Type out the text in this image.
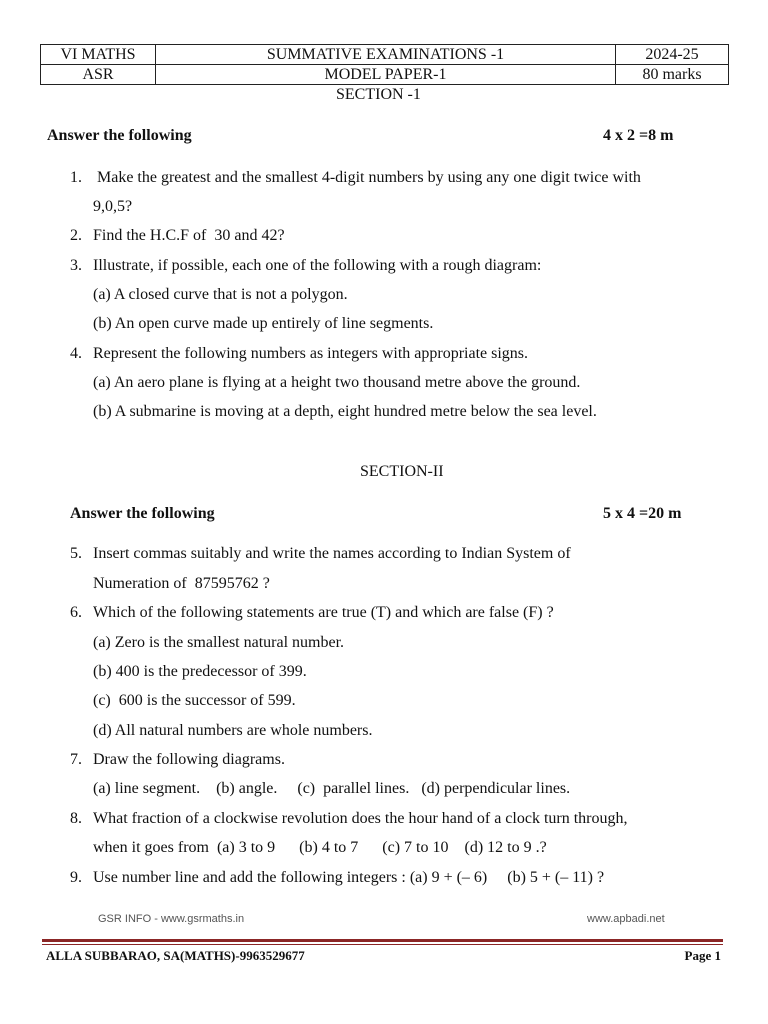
VI MATHS	SUMMATIVE EXAMINATIONS -1	2024-25
ASR	MODEL PAPER-1	80 marks
SECTION -1
Answer the following	4 x 2 =8 m
1. Make the greatest and the smallest 4-digit numbers by using any one digit twice with
9,0,5?
2. Find the H.C.F of  30 and 42?
3. Illustrate, if possible, each one of the following with a rough diagram:
(a) A closed curve that is not a polygon.
(b) An open curve made up entirely of line segments.
4. Represent the following numbers as integers with appropriate signs.
(a) An aero plane is flying at a height two thousand metre above the ground.
(b) A submarine is moving at a depth, eight hundred metre below the sea level.
SECTION-II
Answer the following	5 x 4 =20 m
5. Insert commas suitably and write the names according to Indian System of
Numeration of  87595762 ?
6. Which of the following statements are true (T) and which are false (F) ?
(a) Zero is the smallest natural number.
(b) 400 is the predecessor of 399.
(c)  600 is the successor of 599.
(d) All natural numbers are whole numbers.
7. Draw the following diagrams.
(a) line segment.    (b) angle.     (c)  parallel lines.   (d) perpendicular lines.
8. What fraction of a clockwise revolution does the hour hand of a clock turn through,
when it goes from  (a) 3 to 9      (b) 4 to 7      (c) 7 to 10    (d) 12 to 9 .?
9. Use number line and add the following integers : (a) 9 + (– 6)     (b) 5 + (– 11) ?
GSR INFO - www.gsrmaths.in	www.apbadi.net
ALLA SUBBARAO, SA(MATHS)-9963529677	Page 1
